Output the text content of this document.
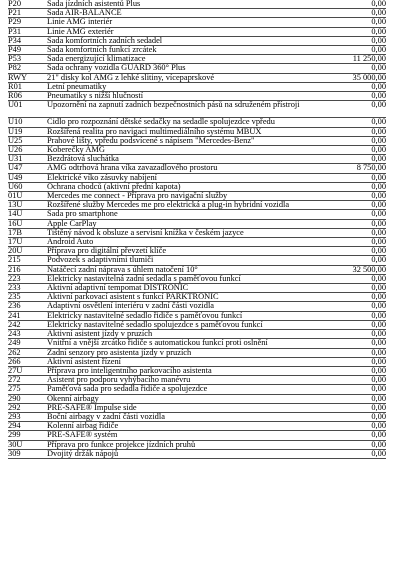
P20	Sada jízdních asistentů Plus	0,00
P21	Sada AIR-BALANCE	0,00
P29	Linie AMG interiér	0,00
P31	Linie AMG exteriér	0,00
P34	Sada komfortních zadních sedadel	0,00
P49	Sada komfortních funkcí zrcátek	0,00
P53	Sada energizující klimatizace	11 250,00
P82	Sada ochrany vozidla GUARD 360° Plus	0,00
RWY	21" disky kol AMG z lehké slitiny, vícepaprskové	35 000,00
R01	Letní pneumatiky	0,00
R06	Pneumatiky s nižší hlučností	0,00
U01	Upozornění na zapnutí zadních bezpečnostních pásů na sdruženém přístroji	0,00
U10	Čidlo pro rozpoznání dětské sedačky na sedadle spolujezdce vpředu	0,00
U19	Rozšířená realita pro navigaci multimediálního systému MBUX	0,00
U25	Prahové lišty, vpředu podsvícené s nápisem "Mercedes-Benz"	0,00
U26	Koberečky AMG	0,00
U31	Bezdrátová sluchátka	0,00
U47	AMG odtrhová hrana víka zavazadlového prostoru	8 750,00
U49	Elektrické víko zásuvky nabíjení	0,00
U60	Ochrana chodců (aktivní přední kapota)	0,00
01U	Mercedes me connect - Příprava pro navigační služby	0,00
13U	Rozšířené služby Mercedes me pro elektrická a plug-in hybridní vozidla	0,00
14U	Sada pro smartphone	0,00
16U	Apple CarPlay	0,00
17B	Tištěný návod k obsluze a servisní knížka v českém jazyce	0,00
17U	Android Auto	0,00
20U	Příprava pro digitální převzetí klíče	0,00
215	Podvozek s adaptivními tlumiči	0,00
216	Natáčecí zadní náprava s úhlem natočení 10°	32 500,00
223	Elektricky nastavitelná zadní sedadla s paměťovou funkcí	0,00
233	Aktivní adaptivní tempomat DISTRONIC	0,00
235	Aktivní parkovací asistent s funkcí PARKTRONIC	0,00
236	Adaptivní osvětlení interiéru v zadní části vozidla	0,00
241	Elektricky nastavitelné sedadlo řidiče s paměťovou funkcí	0,00
242	Elektricky nastavitelné sedadlo spolujezdce s paměťovou funkcí	0,00
243	Aktivní asistent jízdy v pruzích	0,00
249	Vnitřní a vnější zrcátko řidiče s automatickou funkcí proti oslnění	0,00
262	Zadní senzory pro asistenta jízdy v pruzích	0,00
266	Aktivní asistent řízení	0,00
27U	Příprava pro inteligentního parkovacího asistenta	0,00
272	Asistent pro podporu vyhýbacího manévru	0,00
275	Paměťová sada pro sedadla řidiče a spolujezdce	0,00
290	Okenní airbagy	0,00
292	PRE-SAFE® Impulse side	0,00
293	Boční airbagy v zadní části vozidla	0,00
294	Kolenní airbag řidiče	0,00
299	PRE-SAFE® systém	0,00
30U	Příprava pro funkce projekce jízdních pruhů	0,00
309	Dvojitý držák nápojů	0,00
